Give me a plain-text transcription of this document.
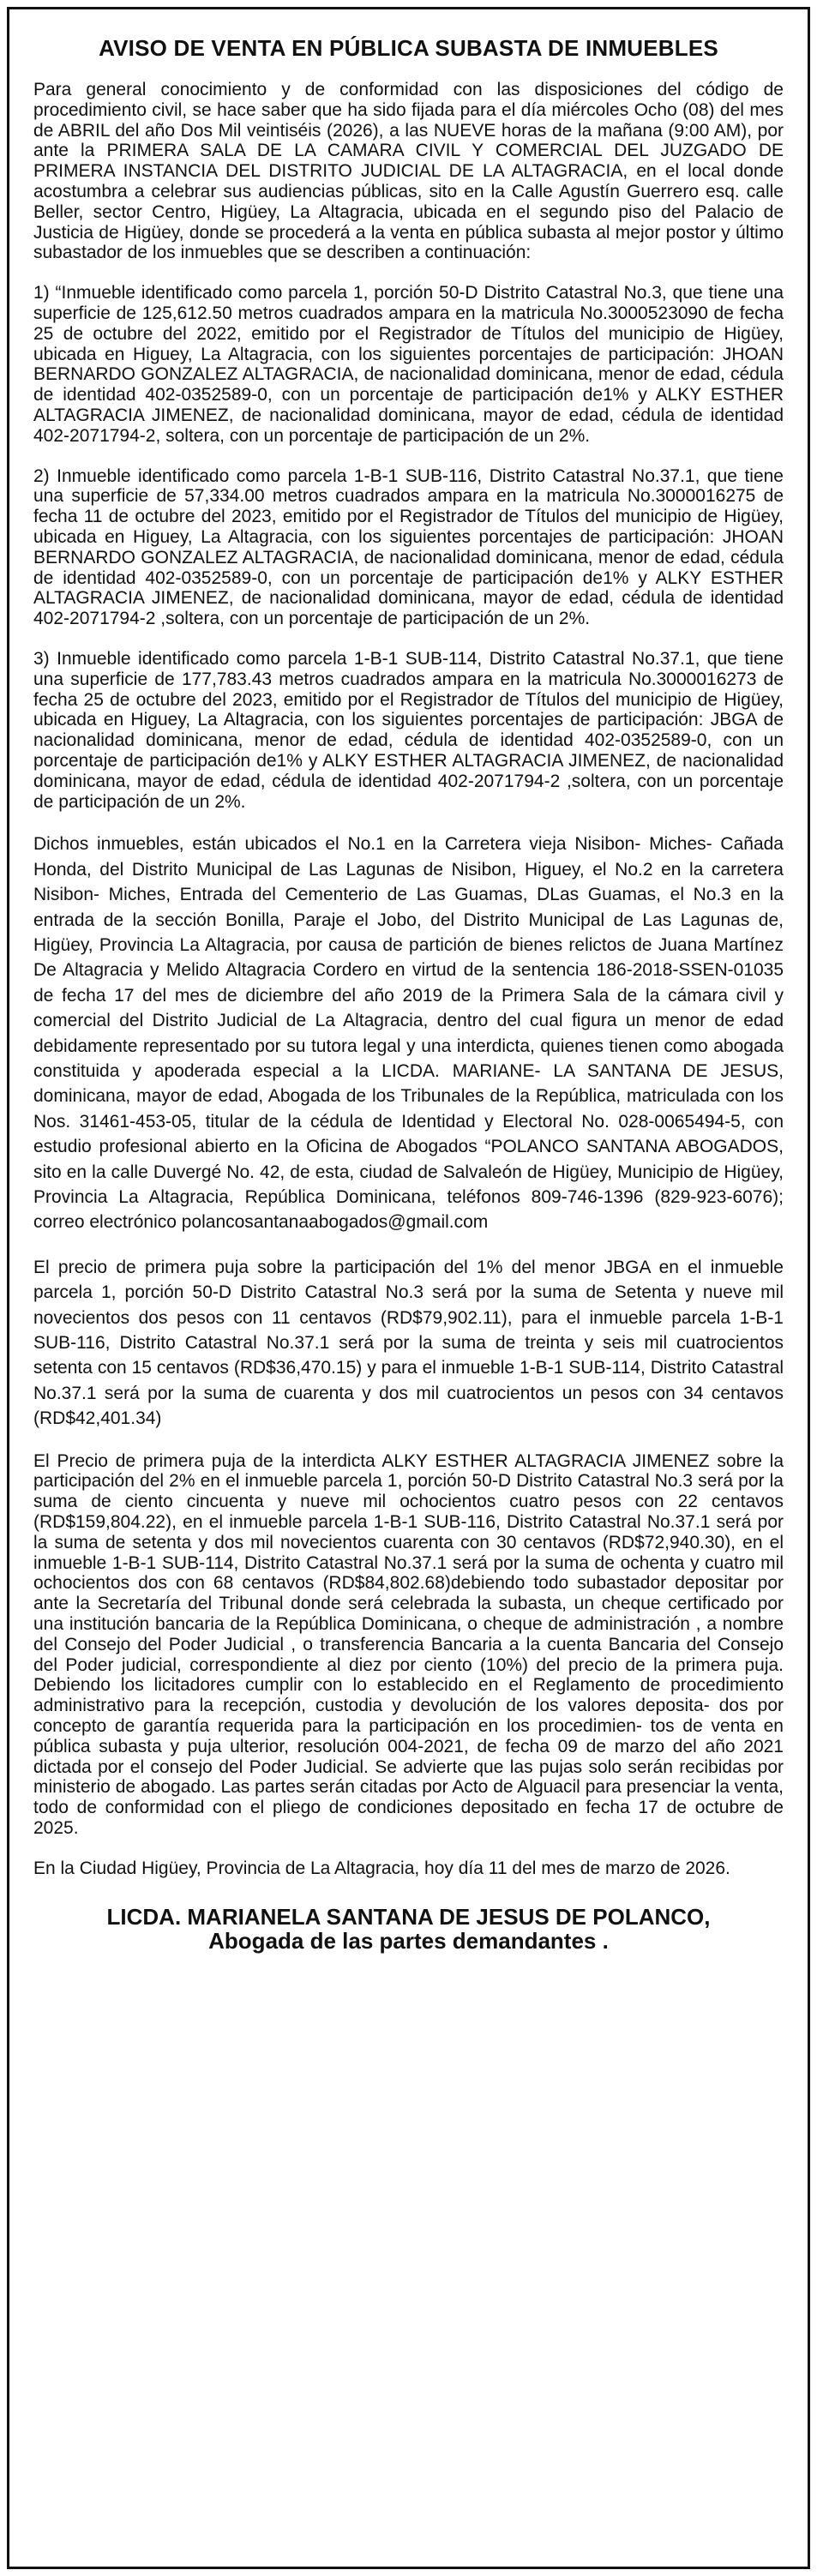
AVISO DE VENTA EN PÚBLICA SUBASTA DE INMUEBLES

Para general conocimiento y de conformidad con las disposiciones del código de procedimiento civil, se hace saber que ha sido fijada para el día miércoles Ocho (08) del mes de ABRIL del año Dos Mil veintiséis (2026), a las NUEVE horas de la mañana (9:00 AM), por ante la PRIMERA SALA DE LA CAMARA CIVIL Y COMERCIAL DEL JUZGADO DE PRIMERA INSTANCIA DEL DISTRITO JUDICIAL DE LA ALTAGRACIA, en el local donde acostumbra a celebrar sus audiencias públicas, sito en la Calle Agustín Guerrero esq. calle Beller, sector Centro, Higüey, La Altagracia, ubicada en el segundo piso del Palacio de Justicia de Higüey, donde se procederá a la venta en pública subasta al mejor postor y último subastador de los inmuebles que se describen a continuación:

1) “Inmueble identificado como parcela 1, porción 50-D Distrito Catastral No.3, que tiene una superficie de 125,612.50 metros cuadrados ampara en la matricula No.3000523090 de fecha 25 de octubre del 2022, emitido por el Registrador de Títulos del municipio de Higüey, ubicada en Higuey, La Altagracia, con los siguientes porcentajes de participación: JHOAN BERNARDO GONZALEZ ALTAGRACIA, de nacionalidad dominicana, menor de edad, cédula de identidad 402-0352589-0, con un porcentaje de participación de1% y ALKY ESTHER ALTAGRACIA JIMENEZ, de nacionalidad dominicana, mayor de edad, cédula de identidad 402-2071794-2, soltera, con un porcentaje de participación de un 2%.

2) Inmueble identificado como parcela 1-B-1 SUB-116, Distrito Catastral No.37.1, que tiene una superficie de 57,334.00 metros cuadrados ampara en la matricula No.3000016275 de fecha 11 de octubre del 2023, emitido por el Registrador de Títulos del municipio de Higüey, ubicada en Higuey, La Altagracia, con los siguientes porcentajes de participación: JHOAN BERNARDO GONZALEZ ALTAGRACIA, de nacionalidad dominicana, menor de edad, cédula de identidad 402-0352589-0, con un porcentaje de participación de1% y ALKY ESTHER ALTAGRACIA JIMENEZ, de nacionalidad dominicana, mayor de edad, cédula de identidad 402-2071794-2 ,soltera, con un porcentaje de participación de un 2%.

3) Inmueble identificado como parcela 1-B-1 SUB-114, Distrito Catastral No.37.1, que tiene una superficie de 177,783.43 metros cuadrados ampara en la matricula No.3000016273 de fecha 25 de octubre del 2023, emitido por el Registrador de Títulos del municipio de Higüey, ubicada en Higuey, La Altagracia, con los siguientes porcentajes de participación: JBGA de nacionalidad dominicana, menor de edad, cédula de identidad 402-0352589-0, con un porcentaje de participación de1% y ALKY ESTHER ALTAGRACIA JIMENEZ, de nacionalidad dominicana, mayor de edad, cédula de identidad 402-2071794-2 ,soltera, con un porcentaje de participación de un 2%.

Dichos inmuebles, están ubicados el No.1 en la Carretera vieja Nisibon- Miches- Cañada Honda, del Distrito Municipal de Las Lagunas de Nisibon, Higuey, el No.2 en la carretera Nisibon- Miches, Entrada del Cementerio de Las Guamas, DLas Guamas, el No.3 en la entrada de la sección Bonilla, Paraje el Jobo, del Distrito Municipal de Las Lagunas de, Higüey, Provincia La Altagracia, por causa de partición de bienes relictos de Juana Martínez De Altagracia y Melido Altagracia Cordero en virtud de la sentencia 186-2018-SSEN-01035 de fecha 17 del mes de diciembre del año 2019 de la Primera Sala de la cámara civil y comercial del Distrito Judicial de La Altagracia, dentro del cual figura un menor de edad debidamente representado por su tutora legal y una interdicta, quienes tienen como abogada constituida y apoderada especial a la LICDA. MARIANE- LA SANTANA DE JESUS, dominicana, mayor de edad, Abogada de los Tribunales de la República, matriculada con los Nos. 31461-453-05, titular de la cédula de Identidad y Electoral No. 028-0065494-5, con estudio profesional abierto en la Oficina de Abogados “POLANCO SANTANA ABOGADOS, sito en la calle Duvergé No. 42, de esta, ciudad de Salvaleón de Higüey, Municipio de Higüey, Provincia La Altagracia, República Dominicana, teléfonos 809-746-1396 (829-923-6076); correo electrónico polancosantanaabogados@gmail.com

El precio de primera puja sobre la participación del 1% del menor JBGA en el inmueble parcela 1, porción 50-D Distrito Catastral No.3 será por la suma de Setenta y nueve mil novecientos dos pesos con 11 centavos (RD$79,902.11), para el inmueble parcela 1-B-1 SUB-116, Distrito Catastral No.37.1 será por la suma de treinta y seis mil cuatrocientos setenta con 15 centavos (RD$36,470.15) y para el inmueble 1-B-1 SUB-114, Distrito Catastral No.37.1 será por la suma de cuarenta y dos mil cuatrocientos un pesos con 34 centavos (RD$42,401.34)

El Precio de primera puja de la interdicta ALKY ESTHER ALTAGRACIA JIMENEZ sobre la participación del 2% en el inmueble parcela 1, porción 50-D Distrito Catastral No.3 será por la suma de ciento cincuenta y nueve mil ochocientos cuatro pesos con 22 centavos (RD$159,804.22), en el inmueble parcela 1-B-1 SUB-116, Distrito Catastral No.37.1 será por la suma de setenta y dos mil novecientos cuarenta con 30 centavos (RD$72,940.30), en el inmueble 1-B-1 SUB-114, Distrito Catastral No.37.1 será por la suma de ochenta y cuatro mil ochocientos dos con 68 centavos (RD$84,802.68)debiendo todo subastador depositar por ante la Secretaría del Tribunal donde será celebrada la subasta, un cheque certificado por una institución bancaria de la República Dominicana, o cheque de administración , a nombre del Consejo del Poder Judicial , o transferencia Bancaria a la cuenta Bancaria del Consejo del Poder judicial, correspondiente al diez por ciento (10%) del precio de la primera puja. Debiendo los licitadores cumplir con lo establecido en el Reglamento de procedimiento administrativo para la recepción, custodia y devolución de los valores deposita- dos por concepto de garantía requerida para la participación en los procedimien- tos de venta en pública subasta y puja ulterior, resolución 004-2021, de fecha 09 de marzo del año 2021 dictada por el consejo del Poder Judicial. Se advierte que las pujas solo serán recibidas por ministerio de abogado. Las partes serán citadas por Acto de Alguacil para presenciar la venta, todo de conformidad con el pliego de condiciones depositado en fecha 17 de octubre de 2025.

En la Ciudad Higüey, Provincia de La Altagracia, hoy día 11 del mes de marzo de 2026.

LICDA. MARIANELA SANTANA DE JESUS DE POLANCO,
Abogada de las partes demandantes .
